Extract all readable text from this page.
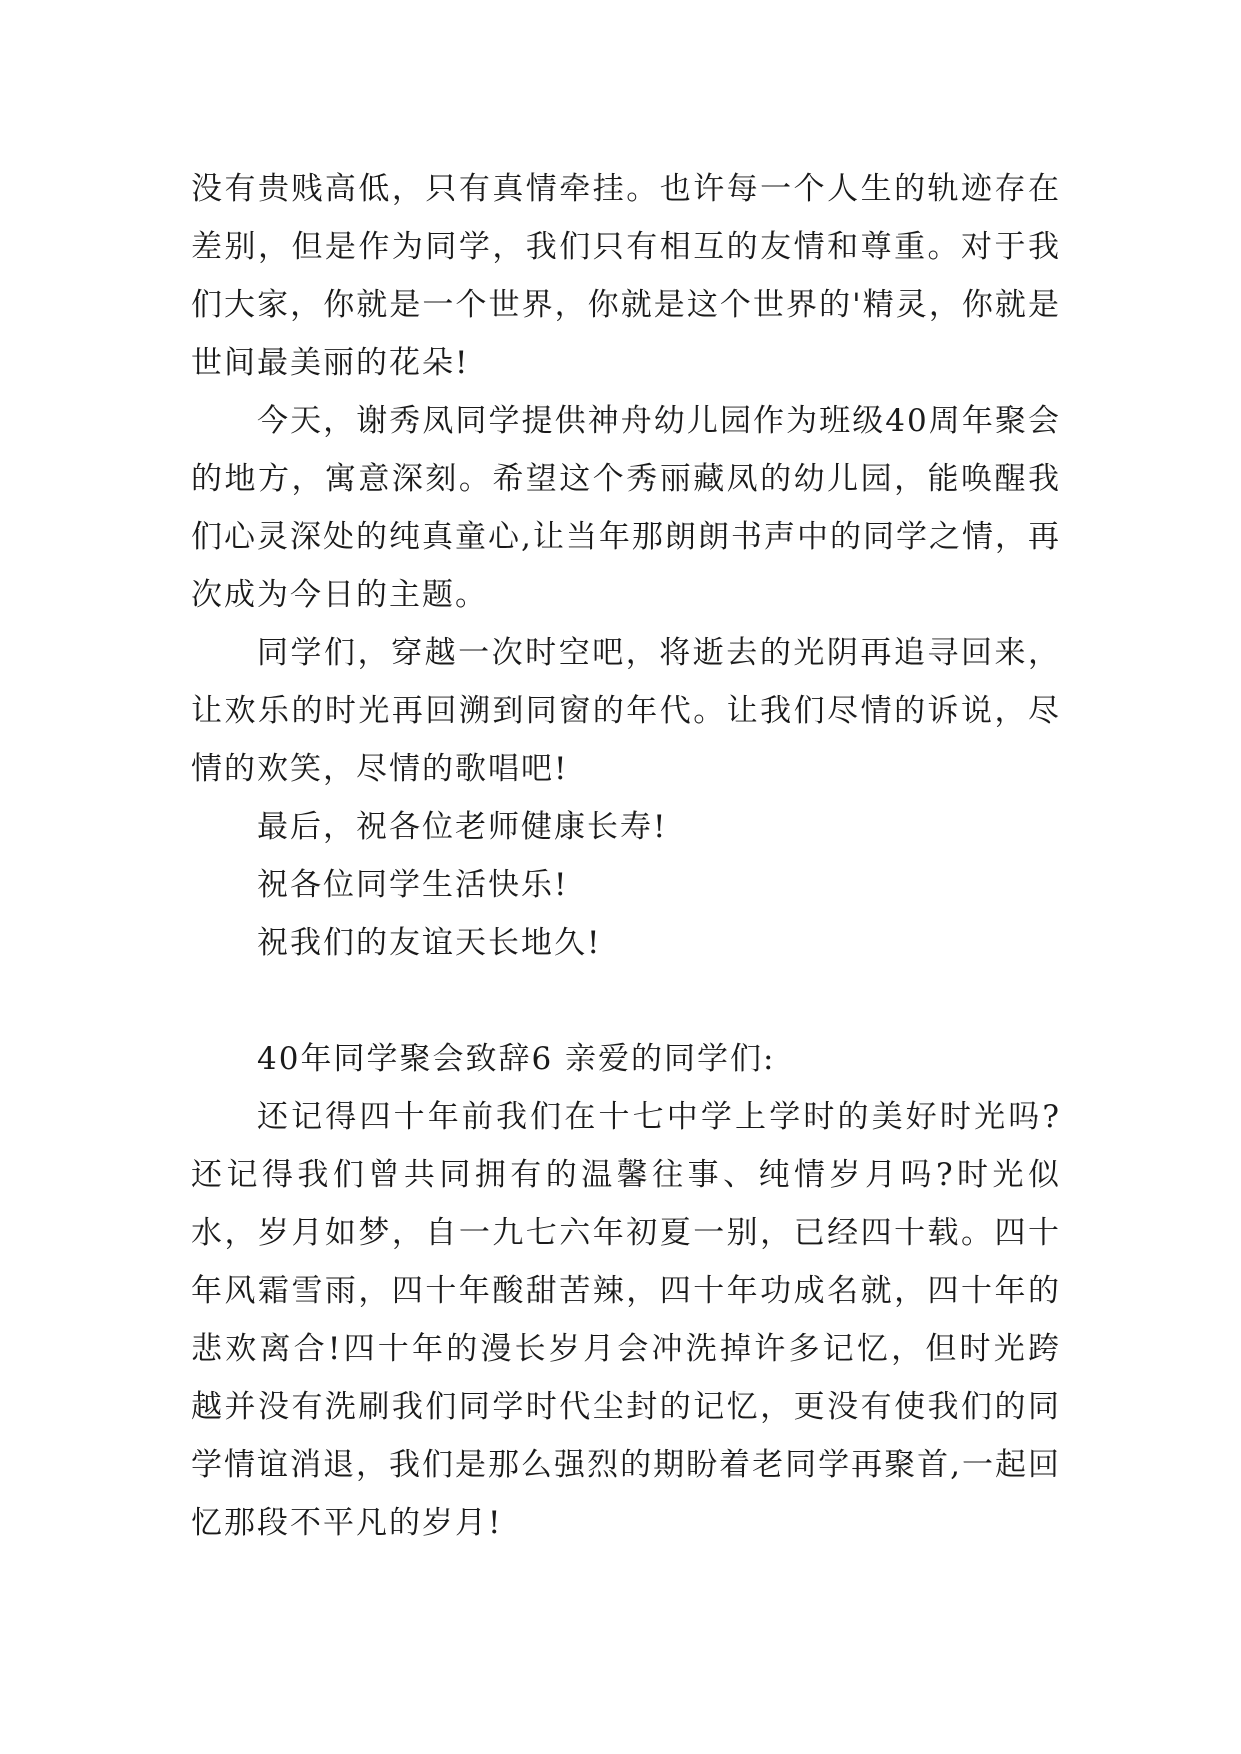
没有贵贱高低，只有真情牵挂。也许每一个人生的轨迹存在差别，但是作为同学，我们只有相互的友情和尊重。对于我们大家，你就是一个世界，你就是这个世界的'精灵，你就是世间最美丽的花朵!

今天，谢秀凤同学提供神舟幼儿园作为班级40周年聚会的地方，寓意深刻。希望这个秀丽藏凤的幼儿园，能唤醒我们心灵深处的纯真童心,让当年那朗朗书声中的同学之情，再次成为今日的主题。

同学们，穿越一次时空吧，将逝去的光阴再追寻回来，让欢乐的时光再回溯到同窗的年代。让我们尽情的诉说，尽情的欢笑，尽情的歌唱吧!

最后，祝各位老师健康长寿!

祝各位同学生活快乐!

祝我们的友谊天长地久!

40年同学聚会致辞6 亲爱的同学们:

还记得四十年前我们在十七中学上学时的美好时光吗?还记得我们曾共同拥有的温馨往事、纯情岁月吗?时光似水，岁月如梦，自一九七六年初夏一别，已经四十载。四十年风霜雪雨，四十年酸甜苦辣，四十年功成名就，四十年的悲欢离合!四十年的漫长岁月会冲洗掉许多记忆，但时光跨越并没有洗刷我们同学时代尘封的记忆，更没有使我们的同学情谊消退，我们是那么强烈的期盼着老同学再聚首,一起回忆那段不平凡的岁月!
